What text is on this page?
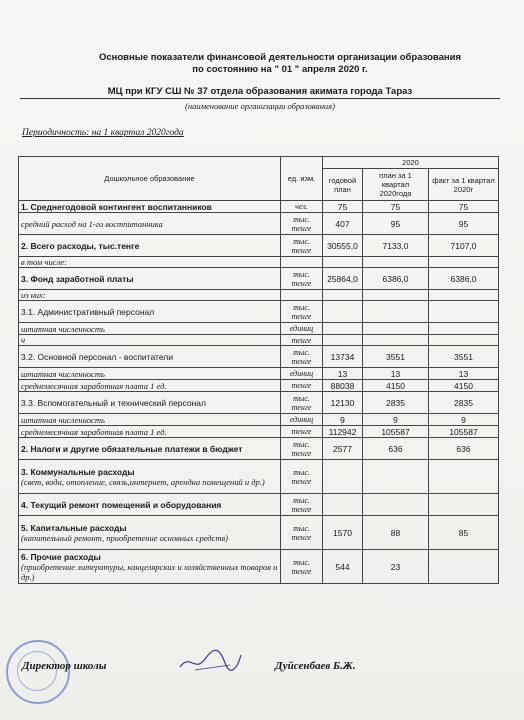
Основные показатели финансовой деятельности организации образования
по состоянию на " 01 " апреля 2020 г.
МЦ при КГУ СШ № 37 отдела образования акимата города Тараз
(наименование организации образования)
Периодичность: на 1 квартал 2020года
Дошкольное образование	ед. изм.	2020		
		годовой план	план за 1 квартал 2020года	факт за 1 квартал 2020г

1. Среднегодовой контингент воспитанников	чел.	75	75	75

средний расход на 1-го востпитанника	тыс. тенге	407	95	95

2. Всего расходы, тыс.тенге	тыс. тенге	30555,0	7133,0	7107,0

в том числе:				

3. Фонд заработной платы	тыс. тенге	25864,0	6386,0	6386,0

из них:				

3.1. Административный персонал	тыс. тенге			

штатная численность	единиц			

ч	тенге			

3.2. Основной персонал - воспитатели	тыс. тенге	13734	3551	3551

штатная численность	единиц	13	13	13

среднемесячная заработная плата 1 ед.	тенге	88038	4150	4150

3.3. Вспомогательный и технический персонал	тыс. тенге	12130	2835	2835

штатная численность	единиц	9	9	9

среднемесячная заработная плата 1 ед.	тенге	112942	105587	105587

2. Налоги и другие обязательные платежи в бюджет	тыс. тенге	2577	636	636

3. Коммунальные расходы
(свет, вода, отопление, связь,интернет, арендна помещений и др.)	тыс. тенге			

4. Текущий ремонт помещений и оборудования	тыс. тенге			

5. Капитальные расходы
(капительный ремонт, приобретение основных средств)	тыс. тенге	1570	88	85

6. Прочие расходы
(приобретение литературы, канцелярских и хозяйственных товаров и др.)	тыс. тенге	544	23	
Директор школы	Дуйсенбаев Б.Ж.
